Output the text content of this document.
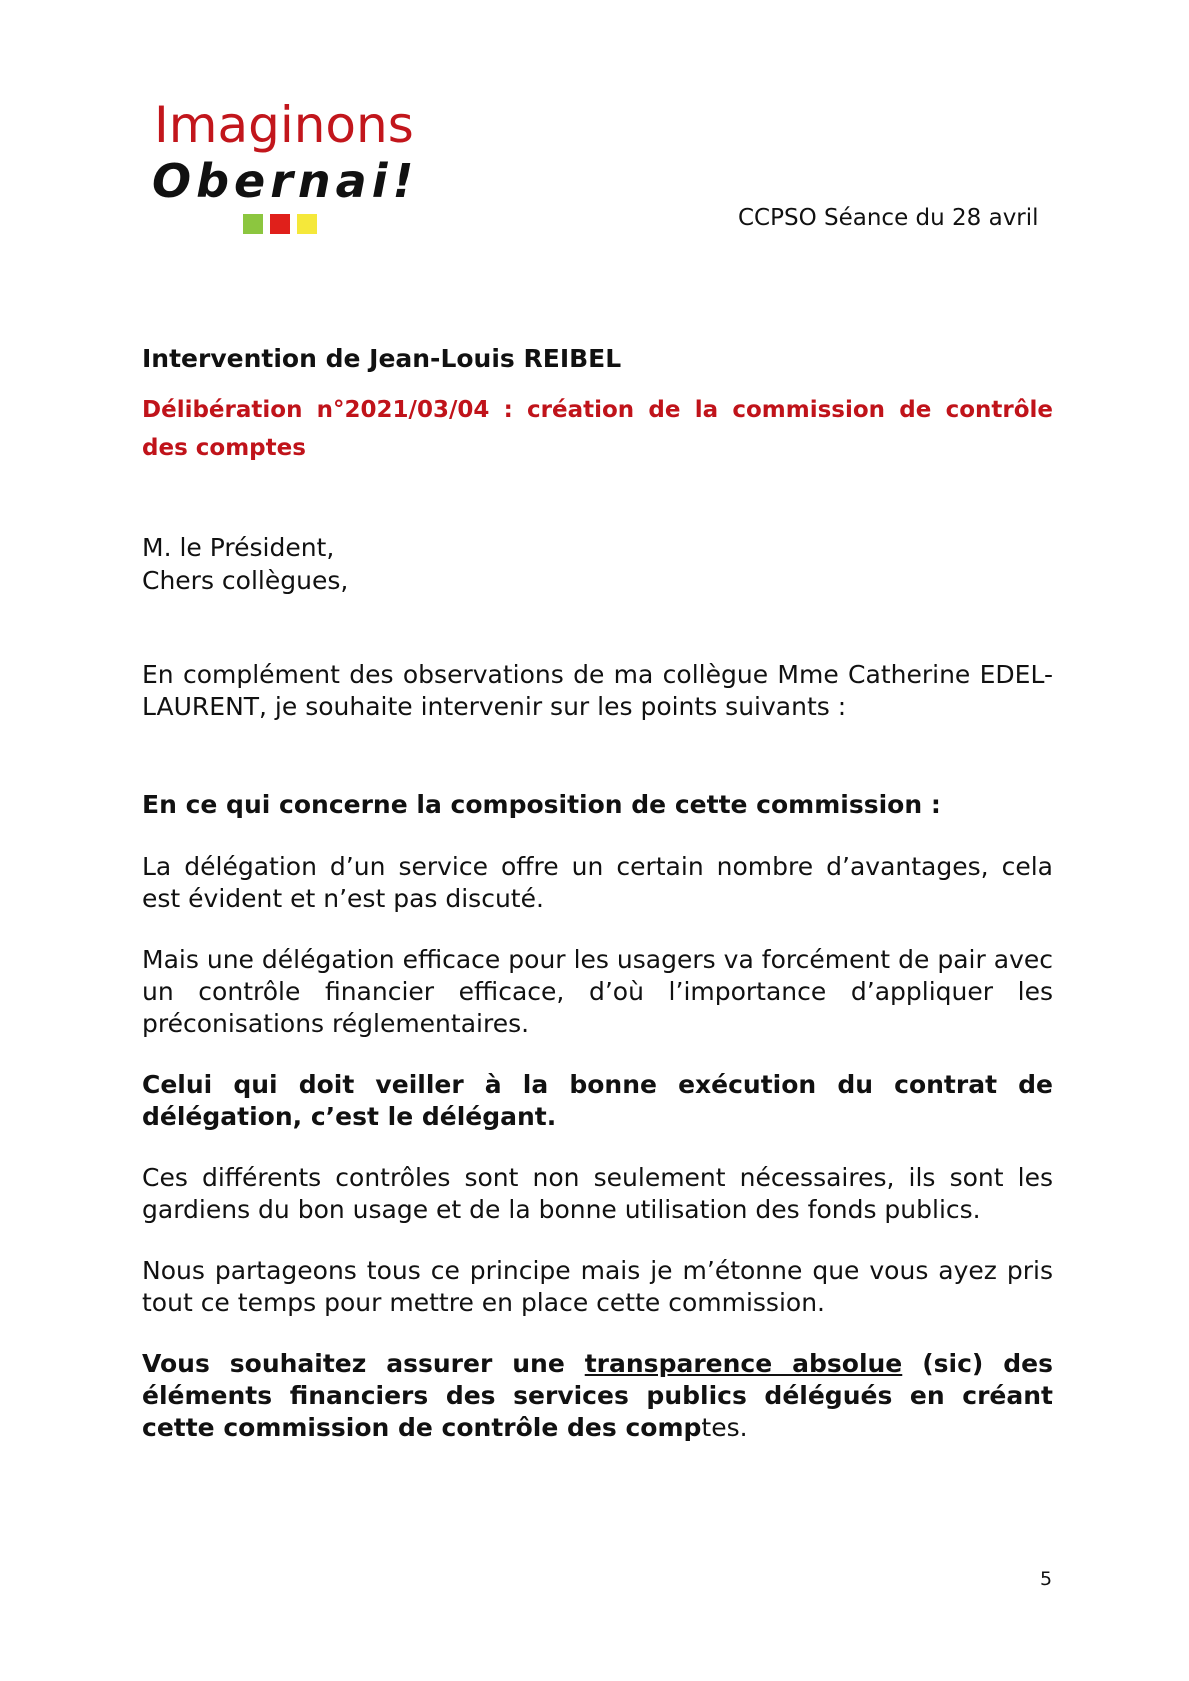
Imaginons
Obernai!
CCPSO Séance du 28 avril

Intervention de Jean-Louis REIBEL

Délibération n°2021/03/04 : création de la commission de contrôle des comptes

M. le Président,
Chers collègues,

En complément des observations de ma collègue Mme Catherine EDEL-LAURENT, je souhaite intervenir sur les points suivants :

En ce qui concerne la composition de cette commission :

La délégation d’un service offre un certain nombre d’avantages, cela est évident et n’est pas discuté.

Mais une délégation efficace pour les usagers va forcément de pair avec un contrôle financier efficace, d’où l’importance d’appliquer les préconisations réglementaires.

Celui qui doit veiller à la bonne exécution du contrat de délégation, c’est le délégant.

Ces différents contrôles sont non seulement nécessaires, ils sont les gardiens du bon usage et de la bonne utilisation des fonds publics.

Nous partageons tous ce principe mais je m’étonne que vous ayez pris tout ce temps pour mettre en place cette commission.

Vous souhaitez assurer une transparence absolue (sic) des éléments financiers des services publics délégués en créant cette commission de contrôle des comptes.

5
